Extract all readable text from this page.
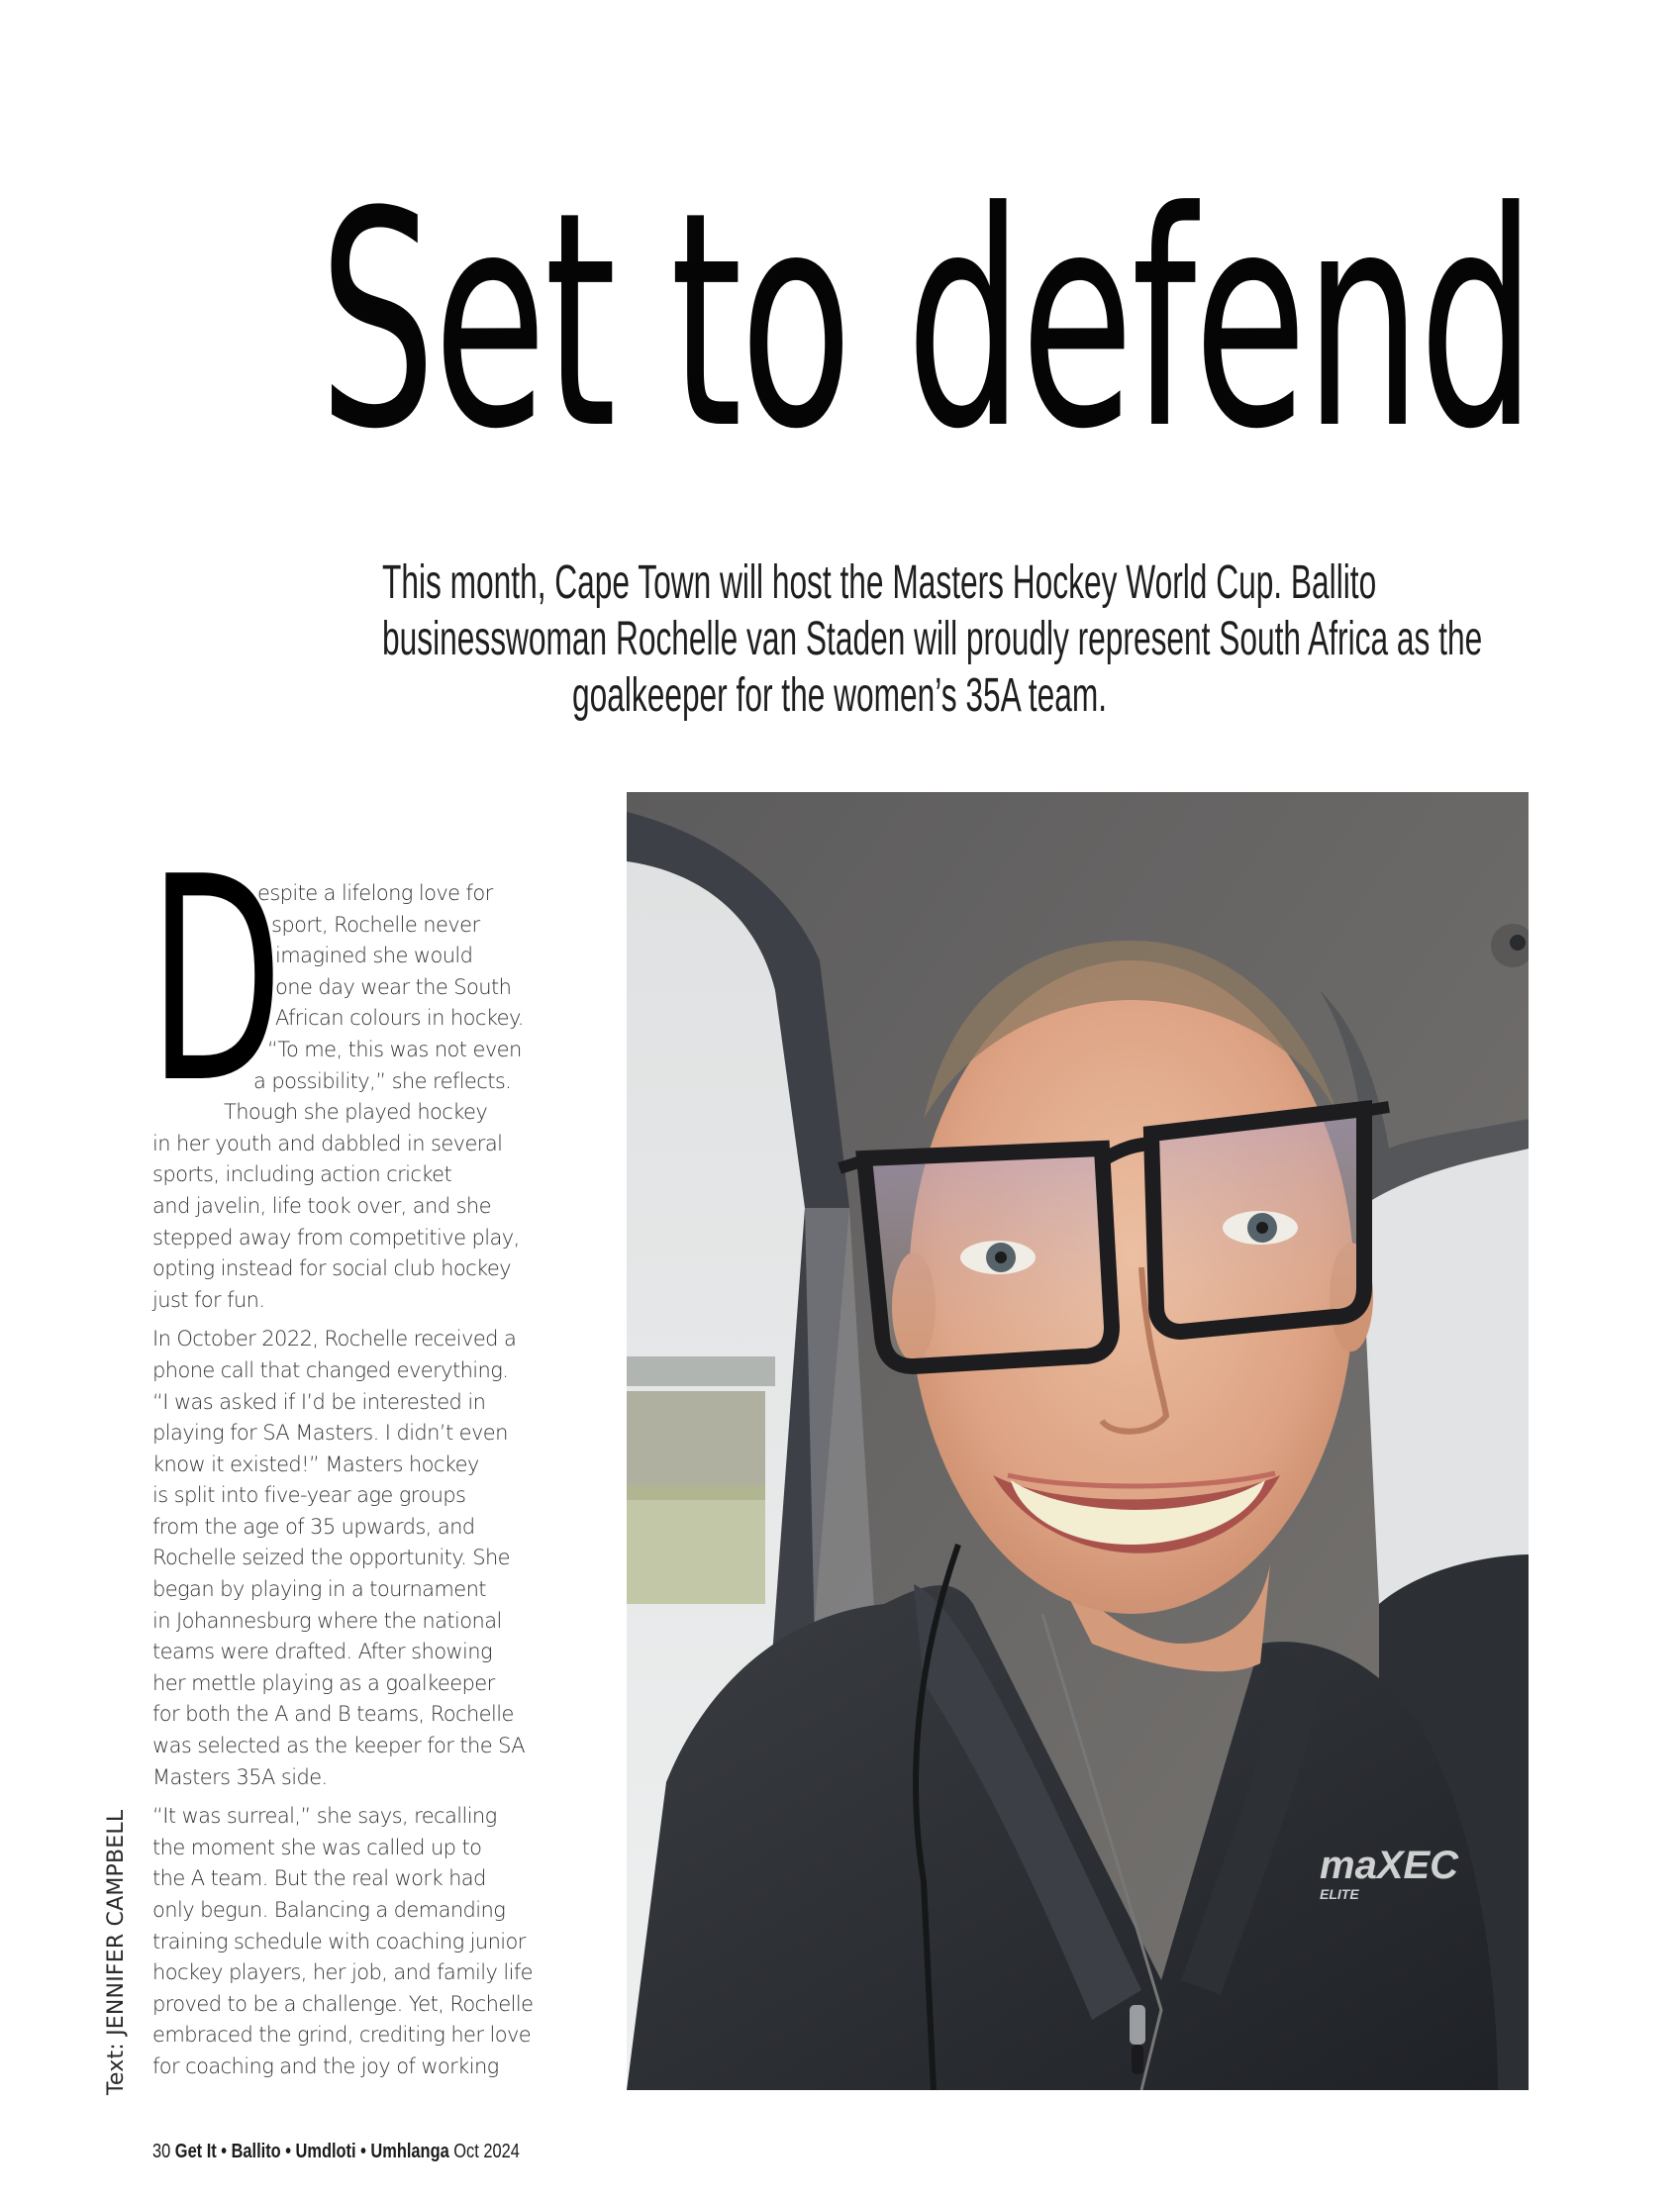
Set to defend

This month, Cape Town will host the Masters Hockey World Cup. Ballito
businesswoman Rochelle van Staden will proudly represent South Africa as the
goalkeeper for the women’s 35A team.

D
espite a lifelong love for
sport, Rochelle never
imagined she would
one day wear the South
African colours in hockey.
“To me, this was not even
a possibility,” she reflects.
Though she played hockey
in her youth and dabbled in several
sports, including action cricket
and javelin, life took over, and she
stepped away from competitive play,
opting instead for social club hockey
just for fun.
In October 2022, Rochelle received a
phone call that changed everything.
“I was asked if I’d be interested in
playing for SA Masters. I didn’t even
know it existed!” Masters hockey
is split into five-year age groups
from the age of 35 upwards, and
Rochelle seized the opportunity. She
began by playing in a tournament
in Johannesburg where the national
teams were drafted. After showing
her mettle playing as a goalkeeper
for both the A and B teams, Rochelle
was selected as the keeper for the SA
Masters 35A side.
“It was surreal,” she says, recalling
the moment she was called up to
the A team. But the real work had
only begun. Balancing a demanding
training schedule with coaching junior
hockey players, her job, and family life
proved to be a challenge. Yet, Rochelle
embraced the grind, crediting her love
for coaching and the joy of working
Text: JENNIFER CAMPBELL
30 Get It • Ballito • Umdloti • Umhlanga Oct 2024
maXEC
ELITE
